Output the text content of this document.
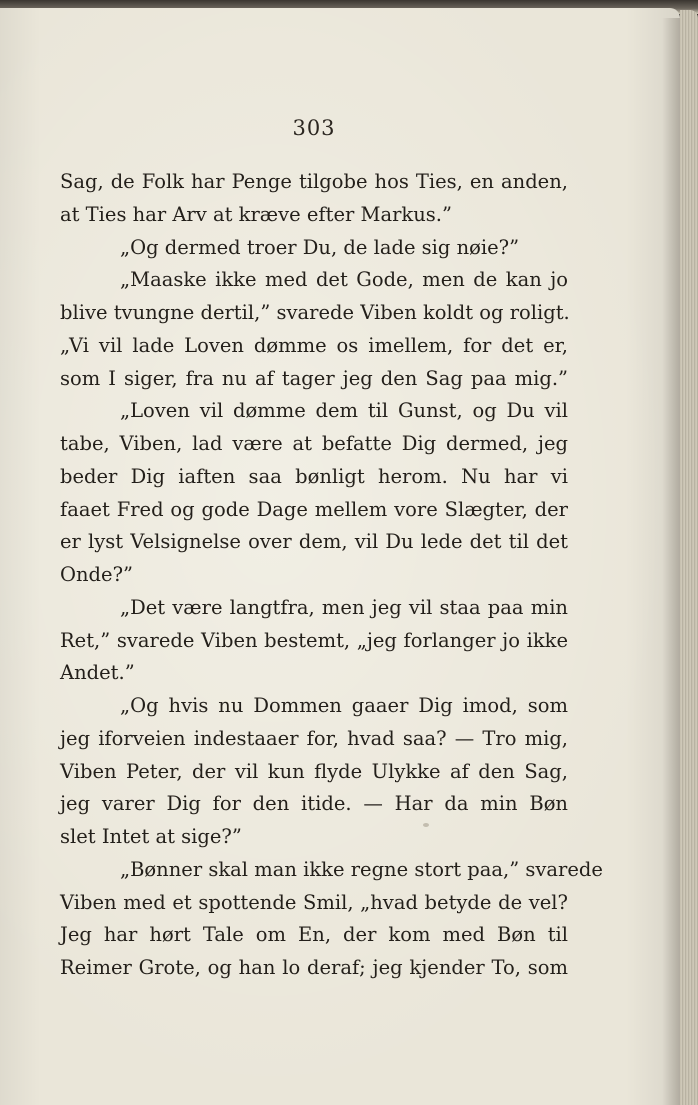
303
Sag, de Folk har Penge tilgobe hos Ties, en anden,
at Ties har Arv at kræve efter Markus.”
„Og dermed troer Du, de lade sig nøie?”
„Maaske ikke med det Gode, men de kan jo
blive tvungne dertil,” svarede Viben koldt og roligt.
„Vi vil lade Loven dømme os imellem, for det er,
som I siger, fra nu af tager jeg den Sag paa mig.”
„Loven vil dømme dem til Gunst, og Du vil
tabe, Viben, lad være at befatte Dig dermed, jeg
beder Dig iaften saa bønligt herom. Nu har vi
faaet Fred og gode Dage mellem vore Slægter, der
er lyst Velsignelse over dem, vil Du lede det til det
Onde?”
„Det være langtfra, men jeg vil staa paa min
Ret,” svarede Viben bestemt, „jeg forlanger jo ikke
Andet.”
„Og hvis nu Dommen gaaer Dig imod, som
jeg iforveien indestaaer for, hvad saa? — Tro mig,
Viben Peter, der vil kun flyde Ulykke af den Sag,
jeg varer Dig for den itide. — Har da min Bøn
slet Intet at sige?”
„Bønner skal man ikke regne stort paa,” svarede
Viben med et spottende Smil, „hvad betyde de vel?
Jeg har hørt Tale om En, der kom med Bøn til
Reimer Grote, og han lo deraf; jeg kjender To, som
